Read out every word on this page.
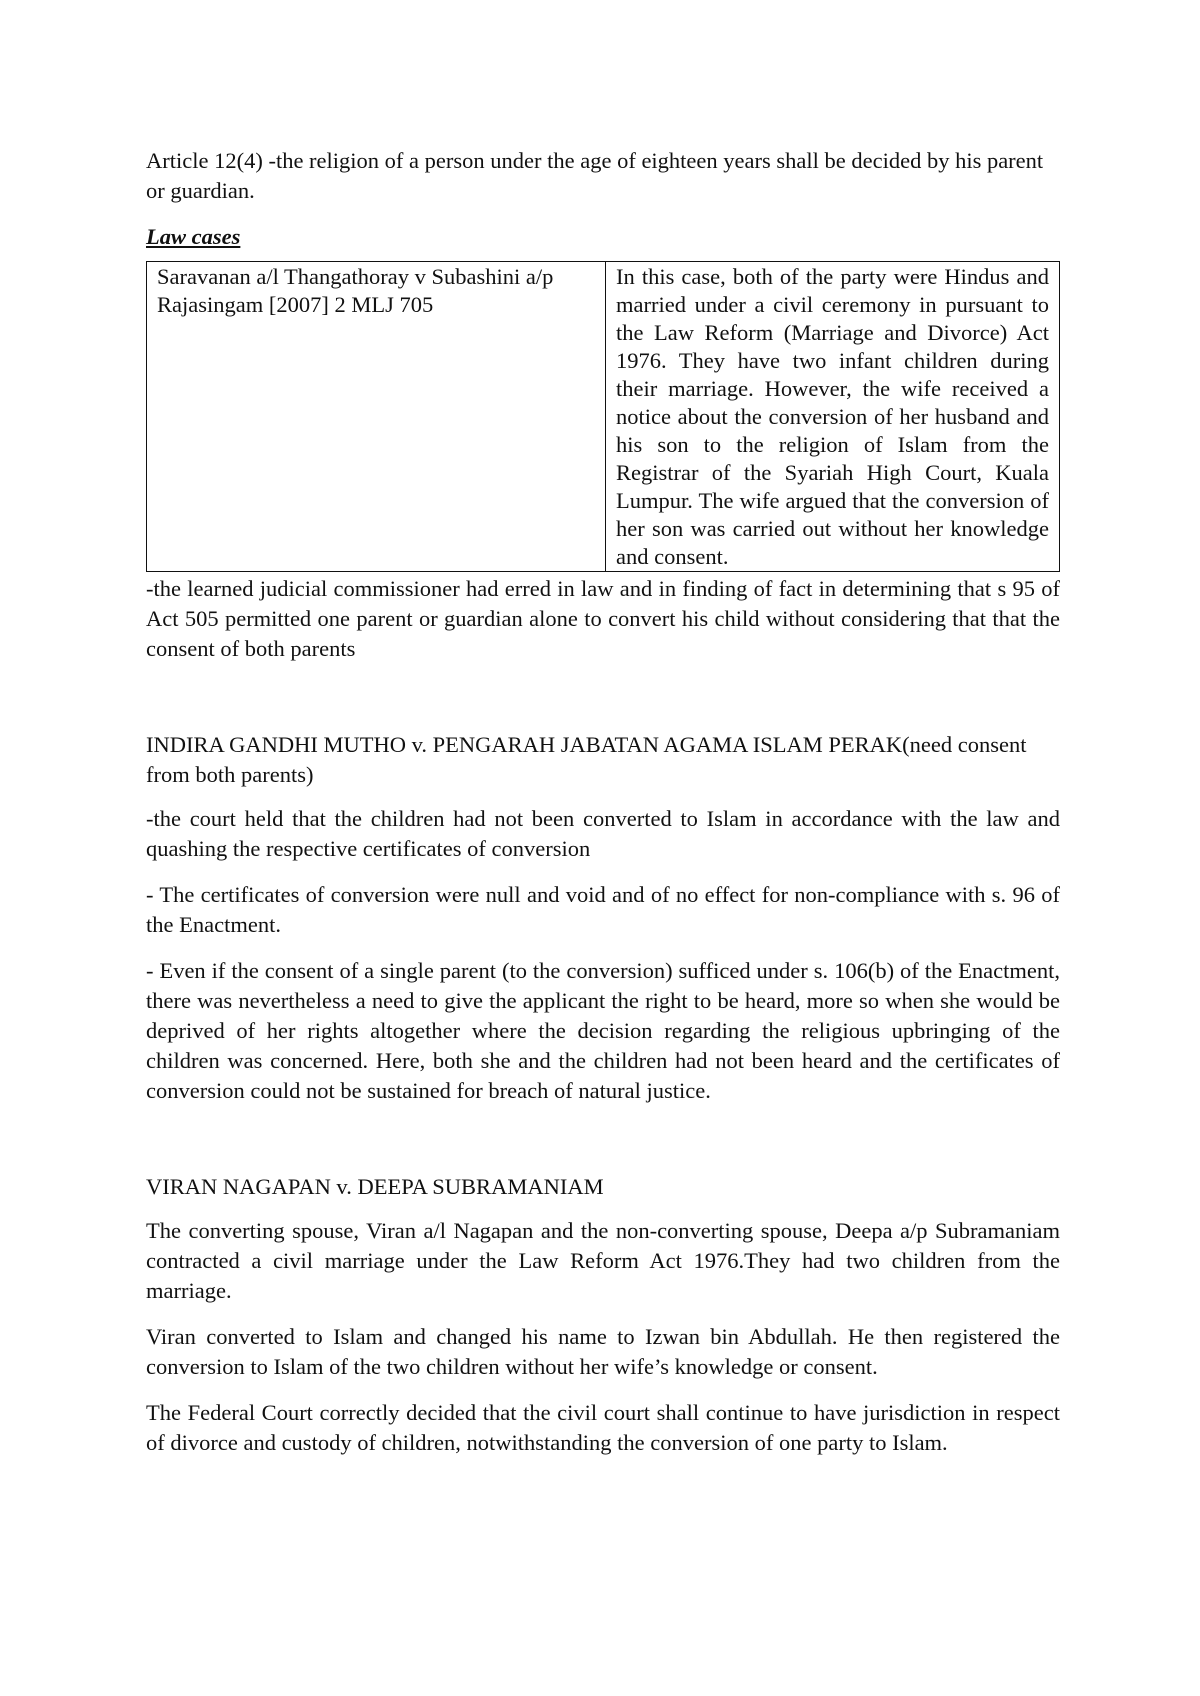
Article 12(4) -the religion of a person under the age of eighteen years shall be decided by his parent or guardian.

Law cases

Saravanan a/l Thangathoray v Subashini a/p Rajasingam [2007] 2 MLJ 705	In this case, both of the party were Hindus and married under a civil ceremony in pursuant to the Law Reform (Marriage and Divorce) Act 1976. They have two infant children during their marriage. However, the wife received a notice about the conversion of her husband and his son to the religion of Islam from the Registrar of the Syariah High Court, Kuala Lumpur. The wife argued that the conversion of her son was carried out without her knowledge and consent.

-the learned judicial commissioner had erred in law and in finding of fact in determining that s 95 of Act 505 permitted one parent or guardian alone to convert his child without considering that that the consent of both parents

INDIRA GANDHI MUTHO v. PENGARAH JABATAN AGAMA ISLAM PERAK(need consent from both parents)

-the court held that the children had not been converted to Islam in accordance with the law and quashing the respective certificates of conversion

- The certificates of conversion were null and void and of no effect for non-compliance with s. 96 of the Enactment.

- Even if the consent of a single parent (to the conversion) sufficed under s. 106(b) of the Enactment, there was nevertheless a need to give the applicant the right to be heard, more so when she would be deprived of her rights altogether where the decision regarding the religious upbringing of the children was concerned. Here, both she and the children had not been heard and the certificates of conversion could not be sustained for breach of natural justice.

VIRAN NAGAPAN v. DEEPA SUBRAMANIAM

The converting spouse, Viran a/l Nagapan and the non-converting spouse, Deepa a/p Subramaniam contracted a civil marriage under the Law Reform Act 1976.They had two children from the marriage.

Viran converted to Islam and changed his name to Izwan bin Abdullah. He then registered the conversion to Islam of the two children without her wife’s knowledge or consent.

The Federal Court correctly decided that the civil court shall continue to have jurisdiction in respect of divorce and custody of children, notwithstanding the conversion of one party to Islam.
